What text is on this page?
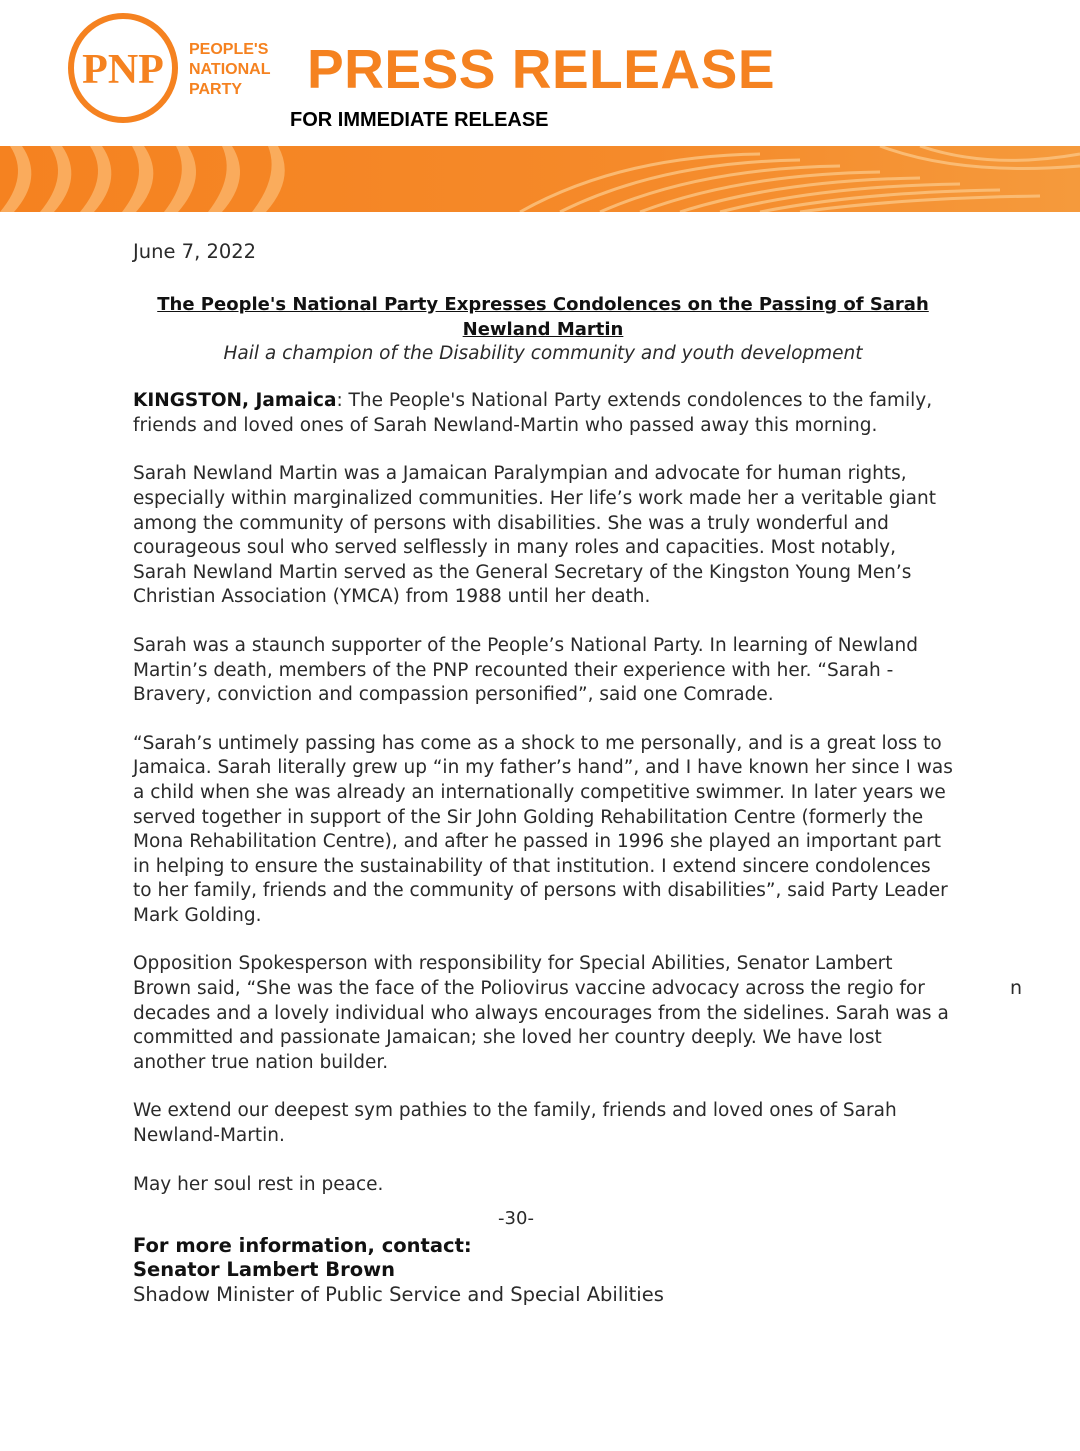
PNP PEOPLE'S
NATIONAL
PARTY	PRESS RELEASE
FOR IMMEDIATE RELEASE

June 7, 2022

The People's National Party Expresses Condolences on the Passing of Sarah Newland Martin

Hail a champion of the Disability community and youth development

KINGSTON, Jamaica: The People's National Party extends condolences to the family, friends and loved ones of Sarah Newland-Martin who passed away this morning.

Sarah Newland Martin was a Jamaican Paralympian and advocate for human rights, especially within marginalized communities. Her life’s work made her a veritable giant among the community of persons with disabilities. She was a truly wonderful and courageous soul who served selflessly in many roles and capacities. Most notably, Sarah Newland Martin served as the General Secretary of the Kingston Young Men’s Christian Association (YMCA) from 1988 until her death.

Sarah was a staunch supporter of the People’s National Party. In learning of Newland Martin’s death, members of the PNP recounted their experience with her. “Sarah - Bravery, conviction and compassion personified”, said one Comrade.

“Sarah’s untimely passing has come as a shock to me personally, and is a great loss to Jamaica. Sarah literally grew up “in my father’s hand”, and I have known her since I was a child when she was already an internationally competitive swimmer. In later years we served together in support of the Sir John Golding Rehabilitation Centre (formerly the Mona Rehabilitation Centre), and after he passed in 1996 she played an important part in helping to ensure the sustainability of that institution. I extend sincere condolences to her family, friends and the community of persons with disabilities”, said Party Leader Mark Golding.

Opposition Spokesperson with responsibility for Special Abilities, Senator Lambert Brown said, “She was the face of the Poliovirus vaccine advocacy across the regio for decades and a lovely individual who always encourages from the sidelines. Sarah was a committed and passionate Jamaican; she loved her country deeply. We have lost another true nation builder.

We extend our deepest sym pathies to the family, friends and loved ones of Sarah Newland-Martin.

May her soul rest in peace.

-30-

For more information, contact:

Senator Lambert Brown

Shadow Minister of Public Service and Special Abilities

n
